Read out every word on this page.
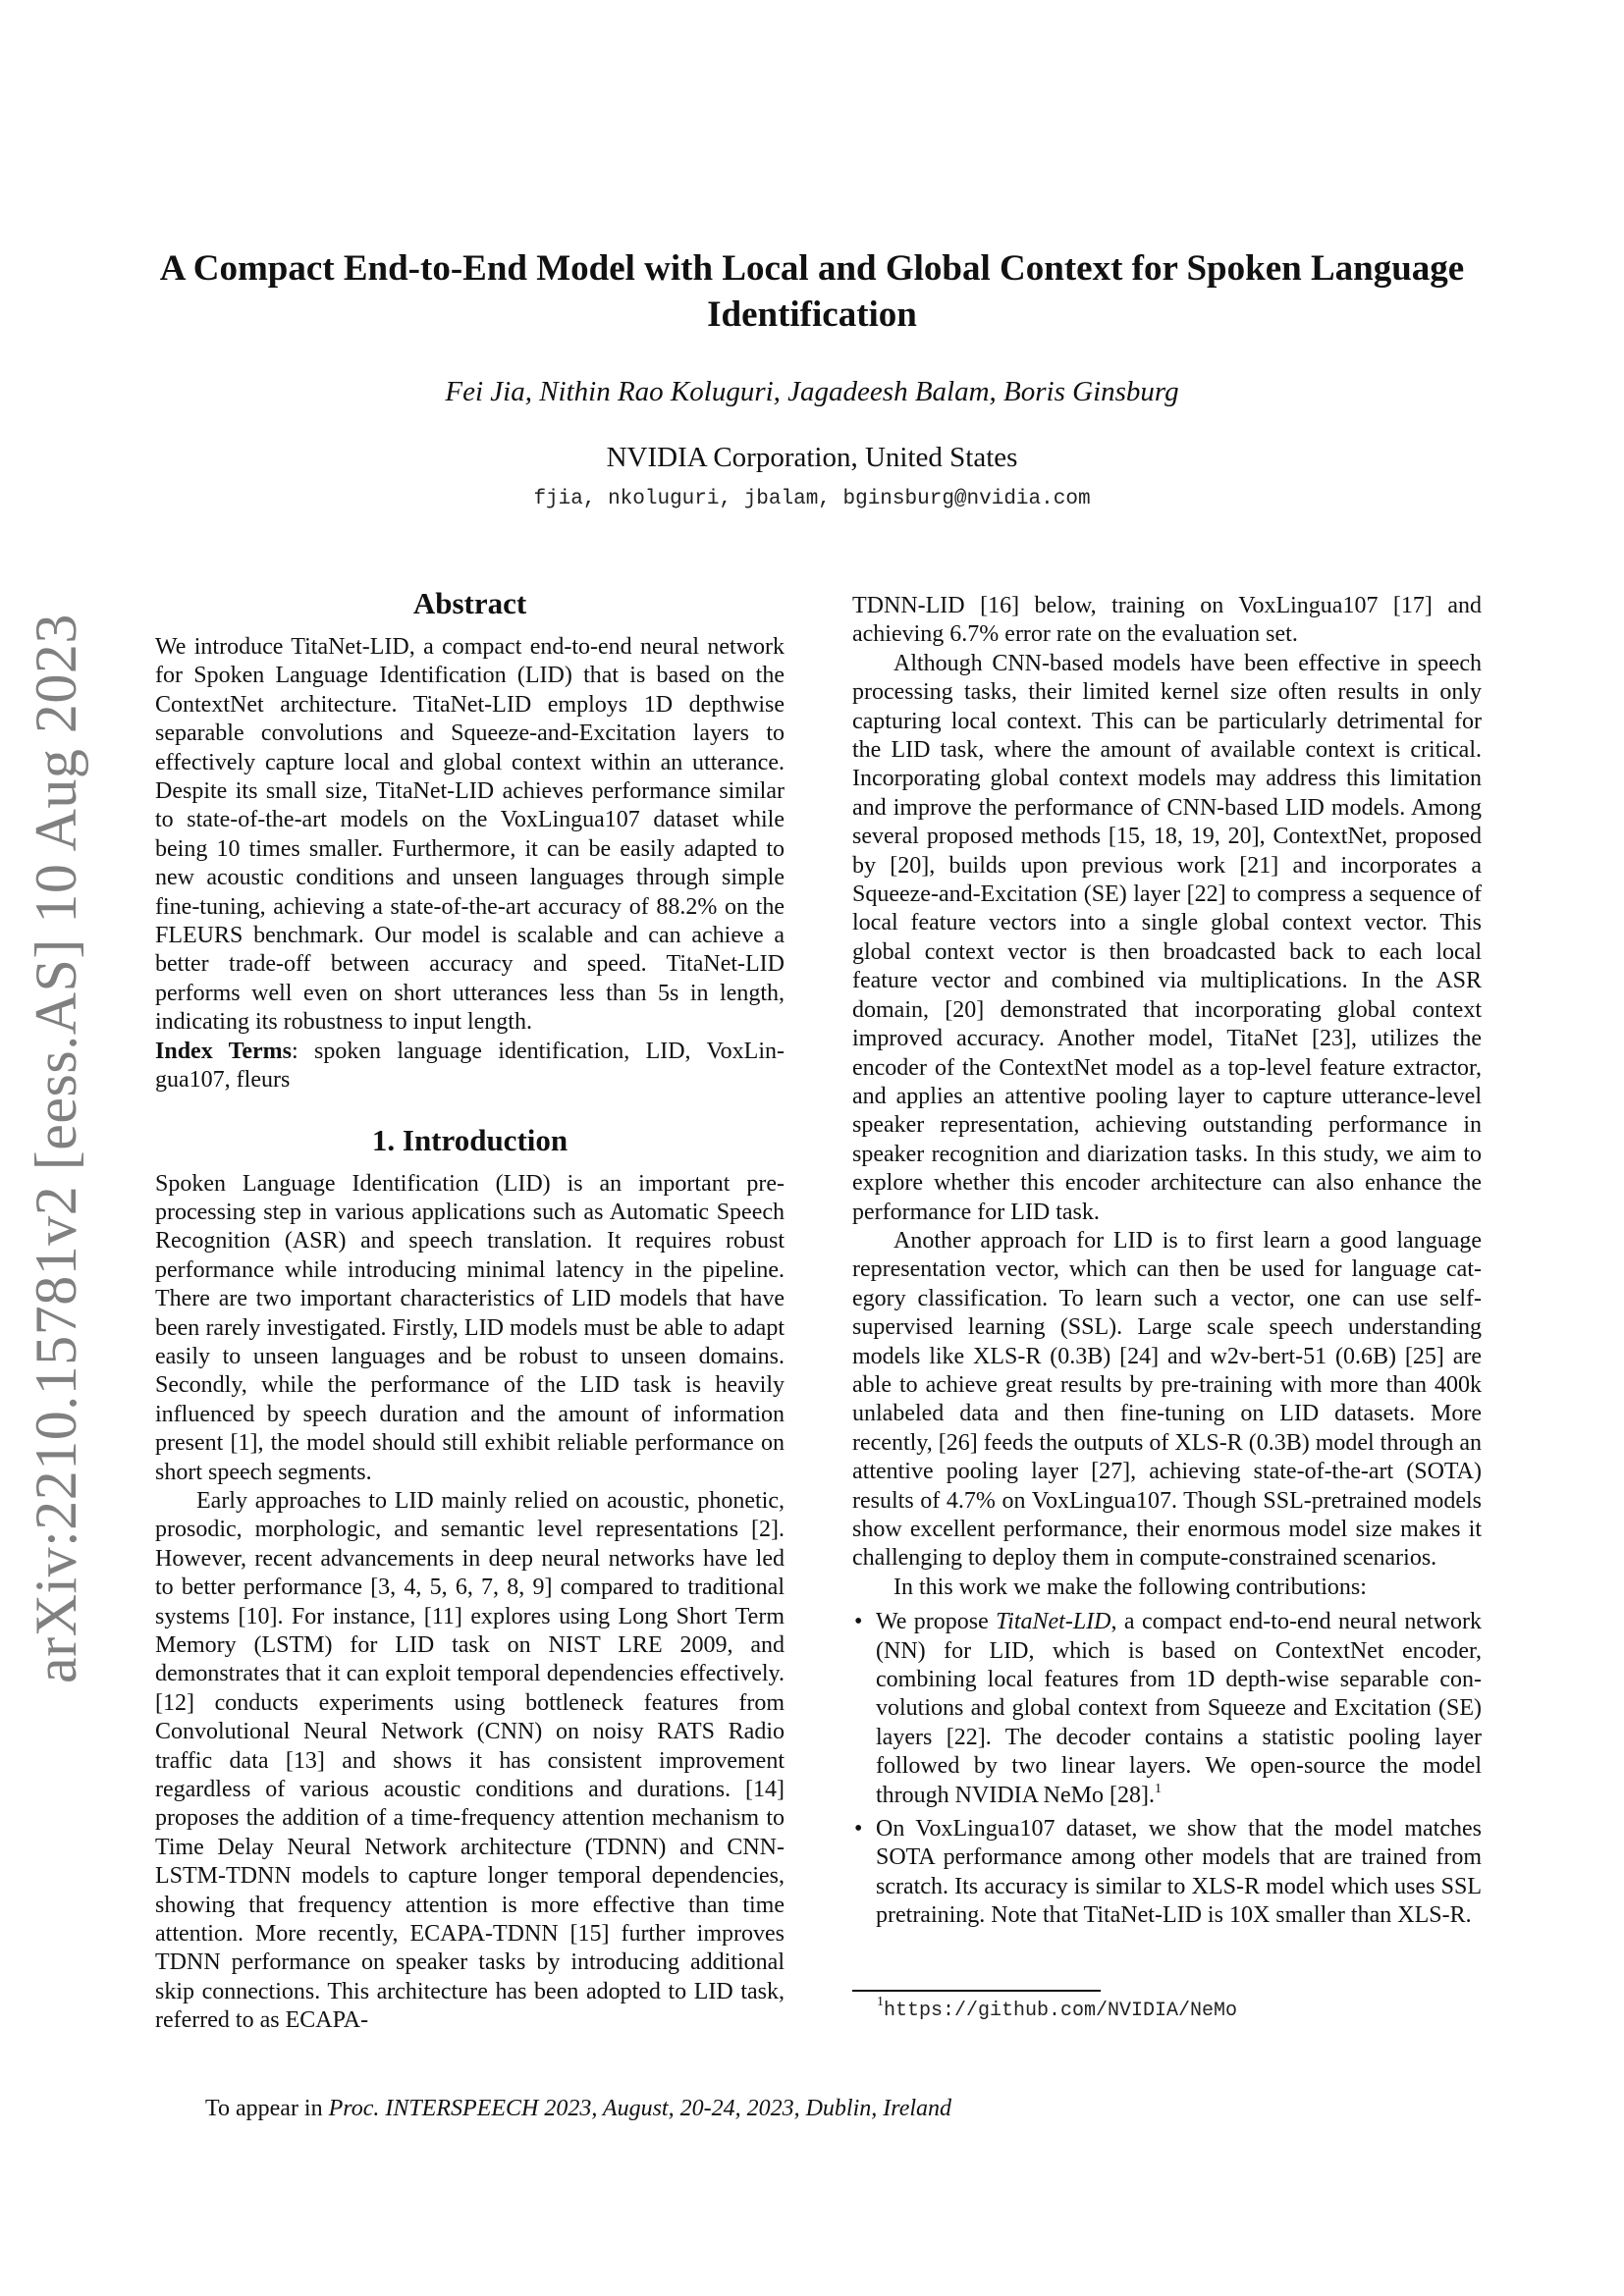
arXiv:2210.15781v2 [eess.AS] 10 Aug 2023
A Compact End-to-End Model with Local and Global Context for Spoken Language Identification
Fei Jia, Nithin Rao Koluguri, Jagadeesh Balam, Boris Ginsburg
NVIDIA Corporation, United States
fjia, nkoluguri, jbalam, bginsburg@nvidia.com
Abstract

We introduce TitaNet-LID, a compact end-to-end neural network for Spoken Language Identification (LID) that is based on the ContextNet architecture. TitaNet-LID employs 1D depthwise separable convolutions and Squeeze-and-Excitation layers to effectively capture local and global context within an utterance. Despite its small size, TitaNet-LID achieves performance similar to state-of-the-art models on the VoxLingua107 dataset while being 10 times smaller. Furthermore, it can be easily adapted to new acoustic conditions and unseen languages through simple fine-tuning, achieving a state-of-the-art accuracy of 88.2% on the FLEURS benchmark. Our model is scalable and can achieve a better trade-off between accuracy and speed. TitaNet-LID performs well even on short utterances less than 5s in length, indicating its robustness to input length.

Index Terms: spoken language identification, LID, VoxLingua107, fleurs

1. Introduction

Spoken Language Identification (LID) is an important preprocessing step in various applications such as Automatic Speech Recognition (ASR) and speech translation. It requires robust performance while introducing minimal latency in the pipeline. There are two important characteristics of LID models that have been rarely investigated. Firstly, LID models must be able to adapt easily to unseen languages and be robust to unseen domains. Secondly, while the performance of the LID task is heavily influenced by speech duration and the amount of information present [1], the model should still exhibit reliable performance on short speech segments.

Early approaches to LID mainly relied on acoustic, phonetic, prosodic, morphologic, and semantic level representations [2]. However, recent advancements in deep neural networks have led to better performance [3, 4, 5, 6, 7, 8, 9] compared to traditional systems [10]. For instance, [11] explores using Long Short Term Memory (LSTM) for LID task on NIST LRE 2009, and demonstrates that it can exploit temporal dependencies effectively. [12] conducts experiments using bottleneck features from Convolutional Neural Network (CNN) on noisy RATS Radio traffic data [13] and shows it has consistent improvement regardless of various acoustic conditions and durations. [14] proposes the addition of a time-frequency attention mechanism to Time Delay Neural Network architecture (TDNN) and CNN-LSTM-TDNN models to capture longer temporal dependencies, showing that frequency attention is more effective than time attention. More recently, ECAPA-TDNN [15] further improves TDNN performance on speaker tasks by introducing additional skip connections. This architecture has been adopted to LID task, referred to as ECAPA-

TDNN-LID [16] below, training on VoxLingua107 [17] and achieving 6.7% error rate on the evaluation set.

Although CNN-based models have been effective in speech processing tasks, their limited kernel size often results in only capturing local context. This can be particularly detrimental for the LID task, where the amount of available context is critical. Incorporating global context models may address this limitation and improve the performance of CNN-based LID models. Among several proposed methods [15, 18, 19, 20], ContextNet, proposed by [20], builds upon previous work [21] and incorporates a Squeeze-and-Excitation (SE) layer [22] to compress a sequence of local feature vectors into a single global context vector. This global context vector is then broadcasted back to each local feature vector and combined via multiplications. In the ASR domain, [20] demonstrated that incorporating global context improved accuracy. Another model, TitaNet [23], utilizes the encoder of the ContextNet model as a top-level feature extractor, and applies an attentive pooling layer to capture utterance-level speaker representation, achieving outstanding performance in speaker recognition and diarization tasks. In this study, we aim to explore whether this encoder architecture can also enhance the performance for LID task.

Another approach for LID is to first learn a good language representation vector, which can then be used for language category classification. To learn such a vector, one can use self-supervised learning (SSL). Large scale speech understanding models like XLS-R (0.3B) [24] and w2v-bert-51 (0.6B) [25] are able to achieve great results by pre-training with more than 400k unlabeled data and then fine-tuning on LID datasets. More recently, [26] feeds the outputs of XLS-R (0.3B) model through an attentive pooling layer [27], achieving state-of-the-art (SOTA) results of 4.7% on VoxLingua107. Though SSL-pretrained models show excellent performance, their enormous model size makes it challenging to deploy them in compute-constrained scenarios.

In this work we make the following contributions:

• We propose TitaNet-LID, a compact end-to-end neural network (NN) for LID, which is based on ContextNet encoder, combining local features from 1D depth-wise separable convolutions and global context from Squeeze and Excitation (SE) layers [22]. The decoder contains a statistic pooling layer followed by two linear layers. We open-source the model through NVIDIA NeMo [28].$^1$
• On VoxLingua107 dataset, we show that the model matches SOTA performance among other models that are trained from scratch. Its accuracy is similar to XLS-R model which uses SSL pretraining. Note that TitaNet-LID is 10X smaller than XLS-R.
$^1$https://github.com/NVIDIA/NeMo
To appear in Proc. INTERSPEECH 2023, August, 20-24, 2023, Dublin, Ireland
